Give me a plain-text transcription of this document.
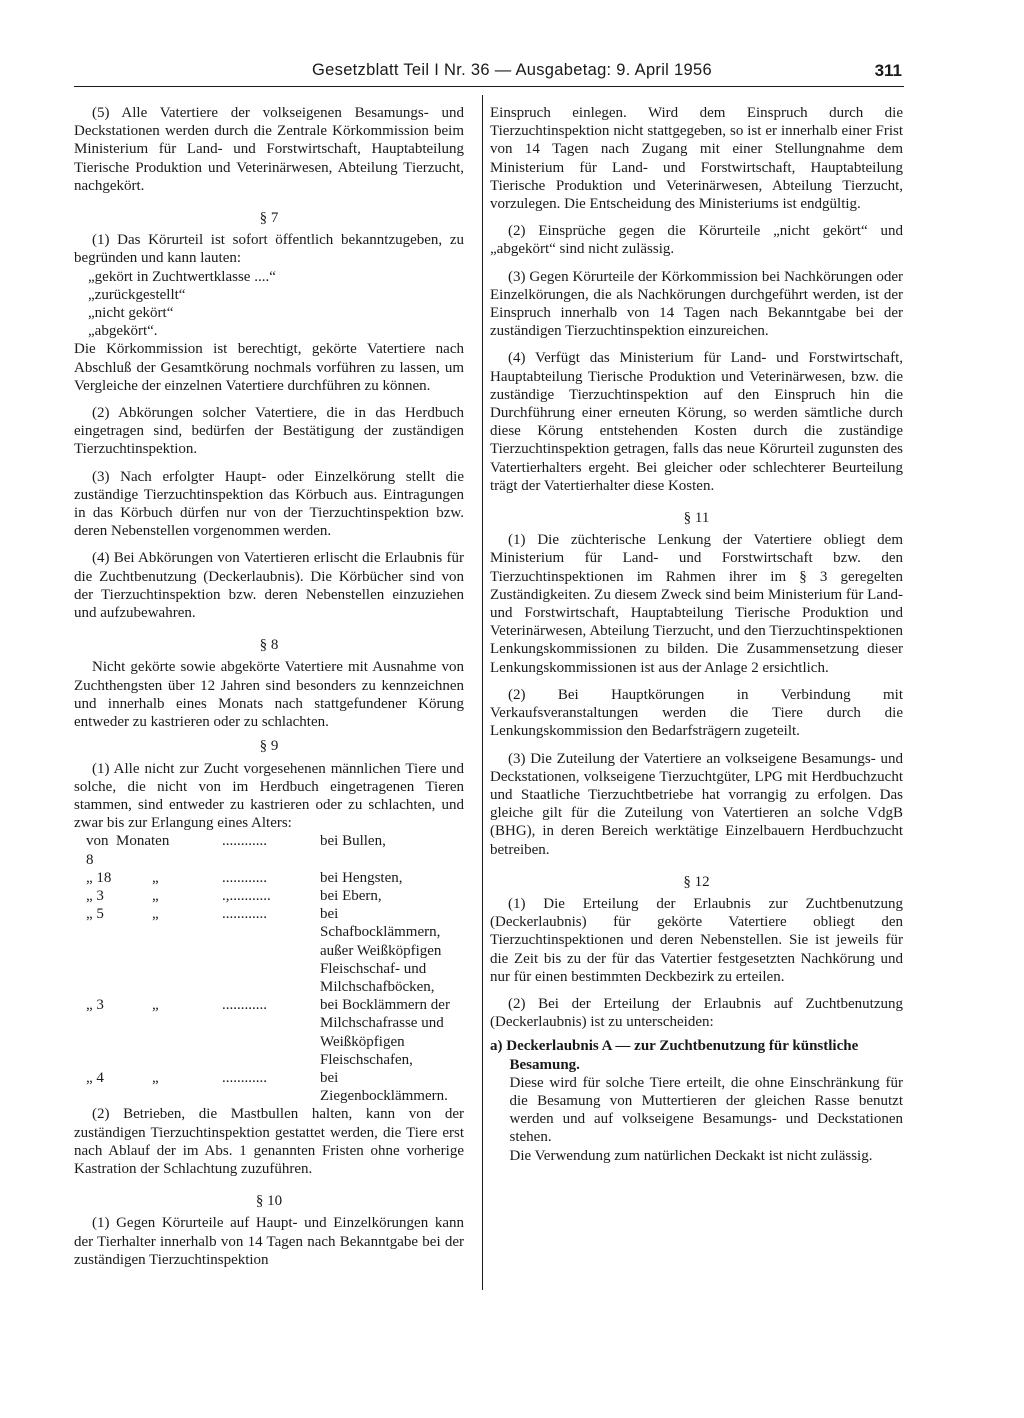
Gesetzblatt Teil I Nr. 36 — Ausgabetag: 9. April 1956	311

(5) Alle Vatertiere der volkseigenen Besamungs- und Deckstationen werden durch die Zentrale Körkommission beim Ministerium für Land- und Forstwirtschaft, Hauptabteilung Tierische Produktion und Veterinärwesen, Abteilung Tierzucht, nachgekört.

§ 7

(1) Das Körurteil ist sofort öffentlich bekanntzugeben, zu begründen und kann lauten:

„gekört in Zuchtwertklasse ....“
„zurückgestellt“
„nicht gekört“
„abgekört“.

Die Körkommission ist berechtigt, gekörte Vatertiere nach Abschluß der Gesamtkörung nochmals vorführen zu lassen, um Vergleiche der einzelnen Vatertiere durchführen zu können.

(2) Abkörungen solcher Vatertiere, die in das Herdbuch eingetragen sind, bedürfen der Bestätigung der zuständigen Tierzuchtinspektion.

(3) Nach erfolgter Haupt- oder Einzelkörung stellt die zuständige Tierzuchtinspektion das Körbuch aus. Eintragungen in das Körbuch dürfen nur von der Tierzuchtinspektion bzw. deren Nebenstellen vorgenommen werden.

(4) Bei Abkörungen von Vatertieren erlischt die Erlaubnis für die Zuchtbenutzung (Deckerlaubnis). Die Körbücher sind von der Tierzuchtinspektion bzw. deren Nebenstellen einzuziehen und aufzubewahren.

§ 8

Nicht gekörte sowie abgekörte Vatertiere mit Ausnahme von Zuchthengsten über 12 Jahren sind besonders zu kennzeichnen und innerhalb eines Monats nach stattgefundener Körung entweder zu kastrieren oder zu schlachten.

§ 9

(1) Alle nicht zur Zucht vorgesehenen männlichen Tiere und solche, die nicht von im Herdbuch eingetragenen Tieren stammen, sind entweder zu kastrieren oder zu schlachten, und zwar bis zur Erlangung eines Alters:

von 8	Monaten	............	bei Bullen,
„ 18	„	............	bei Hengsten,
„ 3	„	.,...........	bei Ebern,
„ 5	„	............	bei Schafbocklämmern, außer Weißköpfigen Fleischschaf- und Milchschafböcken,
„ 3	„	............	bei Bocklämmern der Milchschafrasse und Weißköpfigen Fleischschafen,
„ 4	„	............	bei Ziegenbocklämmern.

(2) Betrieben, die Mastbullen halten, kann von der zuständigen Tierzuchtinspektion gestattet werden, die Tiere erst nach Ablauf der im Abs. 1 genannten Fristen ohne vorherige Kastration der Schlachtung zuzuführen.

§ 10

(1) Gegen Körurteile auf Haupt- und Einzelkörungen kann der Tierhalter innerhalb von 14 Tagen nach Bekanntgabe bei der zuständigen Tierzuchtinspektion

Einspruch einlegen. Wird dem Einspruch durch die Tierzuchtinspektion nicht stattgegeben, so ist er innerhalb einer Frist von 14 Tagen nach Zugang mit einer Stellungnahme dem Ministerium für Land- und Forstwirtschaft, Hauptabteilung Tierische Produktion und Veterinärwesen, Abteilung Tierzucht, vorzulegen. Die Entscheidung des Ministeriums ist endgültig.

(2) Einsprüche gegen die Körurteile „nicht gekört“ und „abgekört“ sind nicht zulässig.

(3) Gegen Körurteile der Körkommission bei Nachkörungen oder Einzelkörungen, die als Nachkörungen durchgeführt werden, ist der Einspruch innerhalb von 14 Tagen nach Bekanntgabe bei der zuständigen Tierzuchtinspektion einzureichen.

(4) Verfügt das Ministerium für Land- und Forstwirtschaft, Hauptabteilung Tierische Produktion und Veterinärwesen, bzw. die zuständige Tierzuchtinspektion auf den Einspruch hin die Durchführung einer erneuten Körung, so werden sämtliche durch diese Körung entstehenden Kosten durch die zuständige Tierzuchtinspektion getragen, falls das neue Körurteil zugunsten des Vatertierhalters ergeht. Bei gleicher oder schlechterer Beurteilung trägt der Vatertierhalter diese Kosten.

§ 11

(1) Die züchterische Lenkung der Vatertiere obliegt dem Ministerium für Land- und Forstwirtschaft bzw. den Tierzuchtinspektionen im Rahmen ihrer im § 3 geregelten Zuständigkeiten. Zu diesem Zweck sind beim Ministerium für Land- und Forstwirtschaft, Hauptabteilung Tierische Produktion und Veterinärwesen, Abteilung Tierzucht, und den Tierzuchtinspektionen Lenkungskommissionen zu bilden. Die Zusammensetzung dieser Lenkungskommissionen ist aus der Anlage 2 ersichtlich.

(2) Bei Hauptkörungen in Verbindung mit Verkaufsveranstaltungen werden die Tiere durch die Lenkungskommission den Bedarfsträgern zugeteilt.

(3) Die Zuteilung der Vatertiere an volkseigene Besamungs- und Deckstationen, volkseigene Tierzuchtgüter, LPG mit Herdbuchzucht und Staatliche Tierzuchtbetriebe hat vorrangig zu erfolgen. Das gleiche gilt für die Zuteilung von Vatertieren an solche VdgB (BHG), in deren Bereich werktätige Einzelbauern Herdbuchzucht betreiben.

§ 12

(1) Die Erteilung der Erlaubnis zur Zuchtbenutzung (Deckerlaubnis) für gekörte Vatertiere obliegt den Tierzuchtinspektionen und deren Nebenstellen. Sie ist jeweils für die Zeit bis zu der für das Vatertier festgesetzten Nachkörung und nur für einen bestimmten Deckbezirk zu erteilen.

(2) Bei der Erteilung der Erlaubnis auf Zuchtbenutzung (Deckerlaubnis) ist zu unterscheiden:

a) Deckerlaubnis A — zur Zuchtbenutzung für künstliche Besamung.
Diese wird für solche Tiere erteilt, die ohne Einschränkung für die Besamung von Muttertieren der gleichen Rasse benutzt werden und auf volkseigene Besamungs- und Deckstationen stehen.
Die Verwendung zum natürlichen Deckakt ist nicht zulässig.
